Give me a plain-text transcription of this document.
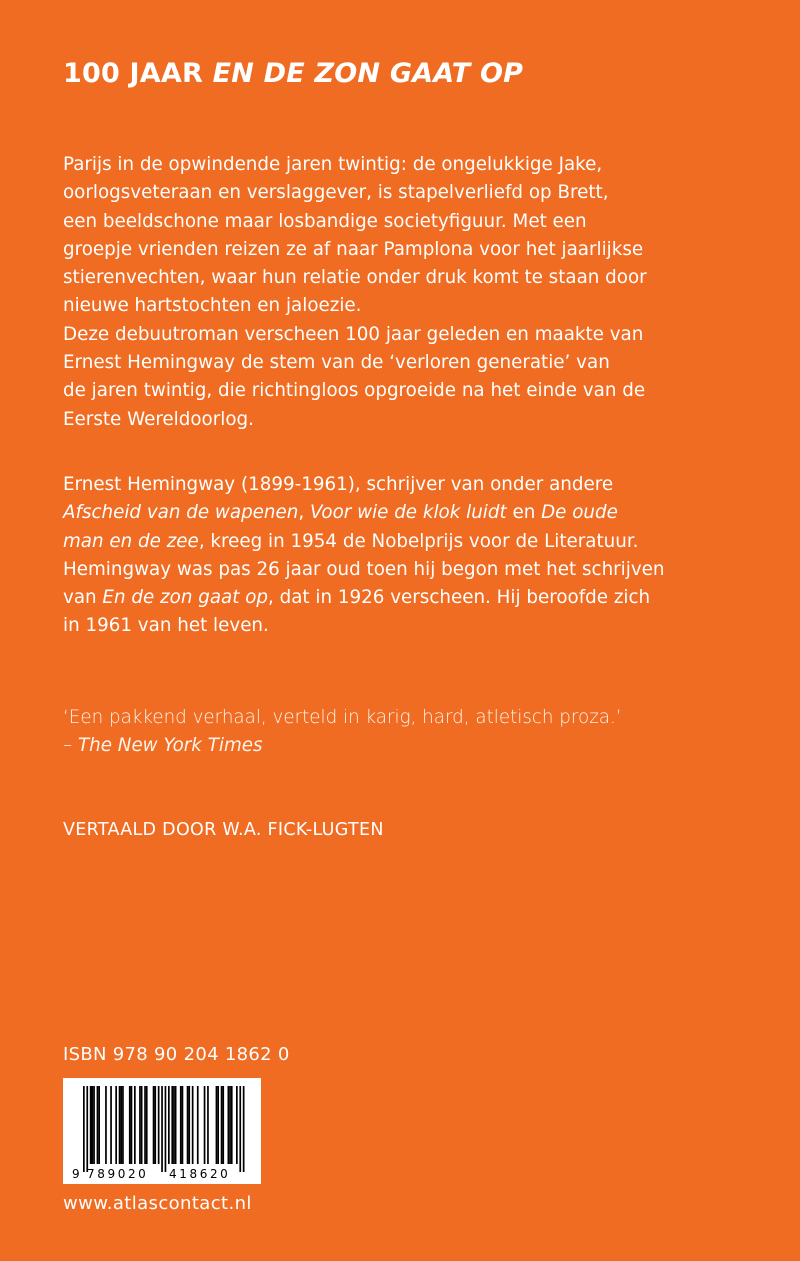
100 JAAR EN DE ZON GAAT OP

Parijs in de opwindende jaren twintig: de ongelukkige Jake,
oorlogsveteraan en verslaggever, is stapelverliefd op Brett,
een beeldschone maar losbandige societyfiguur. Met een
groepje vrienden reizen ze af naar Pamplona voor het jaarlijkse
stierenvechten, waar hun relatie onder druk komt te staan door
nieuwe hartstochten en jaloezie.

Deze debuutroman verscheen 100 jaar geleden en maakte van
Ernest Hemingway de stem van de ‘verloren generatie’ van
de jaren twintig, die richtingloos opgroeide na het einde van de
Eerste Wereldoorlog.

Ernest Hemingway (1899-1961), schrijver van onder andere
Afscheid van de wapenen, Voor wie de klok luidt en De oude
man en de zee, kreeg in 1954 de Nobelprijs voor de Literatuur.
Hemingway was pas 26 jaar oud toen hij begon met het schrijven
van En de zon gaat op, dat in 1926 verscheen. Hij beroofde zich
in 1961 van het leven.

‘Een pakkend verhaal, verteld in karig, hard, atletisch proza.’
– The New York Times
VERTAALD DOOR W.A. FICK-LUGTEN
ISBN 978 90 204 1862 0
9 789020 418620
www.atlascontact.nl
